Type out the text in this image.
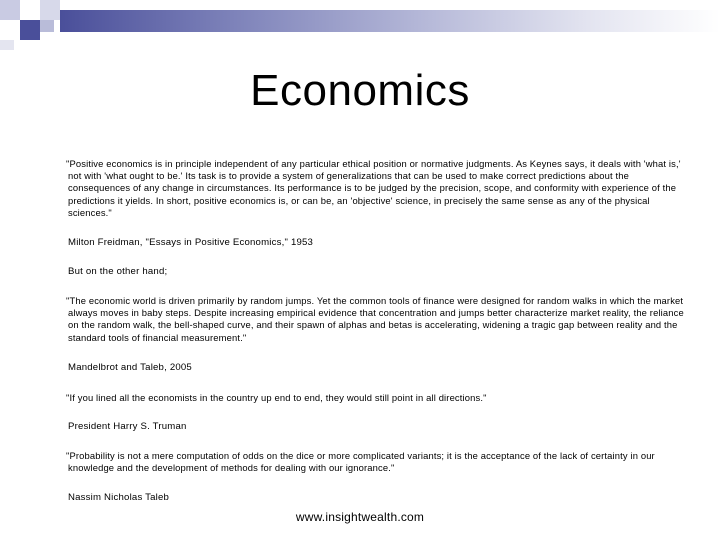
Economics

"Positive economics is in principle independent of any particular ethical position or normative judgments. As Keynes says, it deals with 'what is,' not with 'what ought to be.' Its task is to provide a system of generalizations that can be used to make correct predictions about the consequences of any change in circumstances. Its performance is to be judged by the precision, scope, and conformity with experience of the predictions it yields. In short, positive economics is, or can be, an 'objective' science, in precisely the same sense as any of the physical sciences."

Milton Freidman, "Essays in Positive Economics," 1953

But on the other hand;

"The economic world is driven primarily by random jumps. Yet the common tools of finance were designed for random walks in which the market always moves in baby steps. Despite increasing empirical evidence that concentration and jumps better characterize market reality, the reliance on the random walk, the bell-shaped curve, and their spawn of alphas and betas is accelerating, widening a tragic gap between reality and the standard tools of financial measurement."

Mandelbrot and Taleb, 2005

"If you lined all the economists in the country up end to end, they would still point in all directions."

President Harry S. Truman

"Probability is not a mere computation of odds on the dice or more complicated variants; it is the acceptance of the lack of certainty in our knowledge and the development of methods for dealing with our ignorance."

Nassim Nicholas Taleb

www.insightwealth.com
